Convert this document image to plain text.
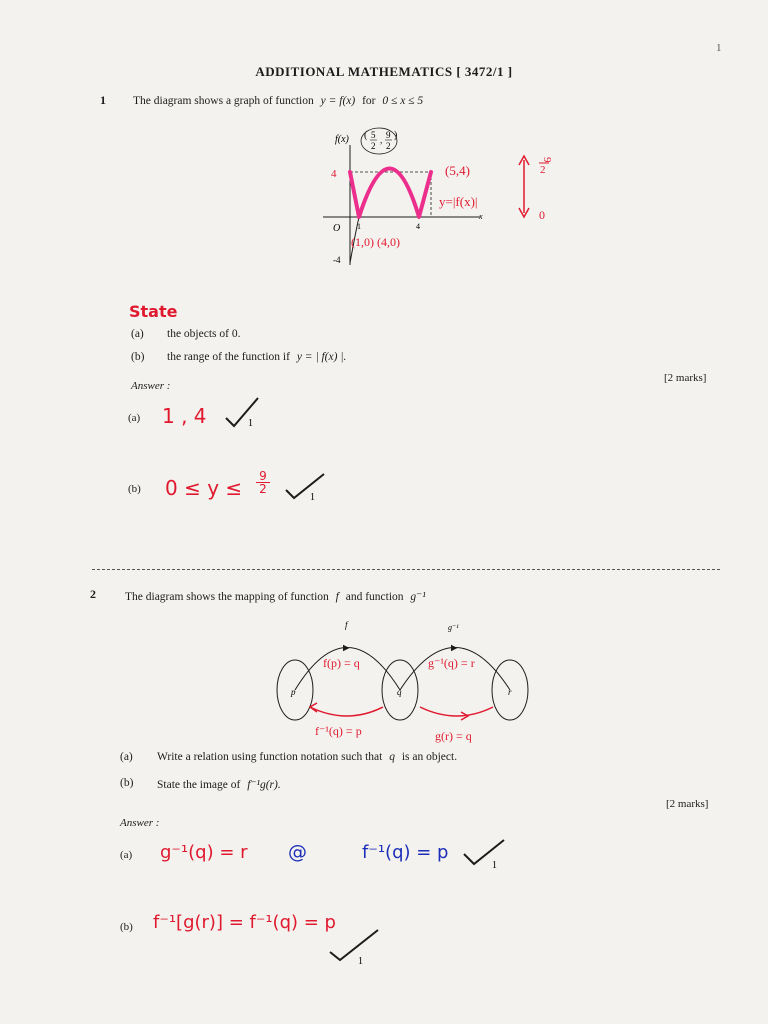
1
ADDITIONAL MATHEMATICS [ 3472/1 ]
1 The diagram shows a graph of function y = f(x) for 0 ≤ x ≤ 5
f(x)
O
x
4
-4
1	4
( 5
2
, 9
2
)
(5,4)
y=|f(x)|
(1,0) (4,0)
9
2
0
State
(a) the objects of 0.
(b) the range of the function if y = | f(x) |.
[2 marks]
Answer :
(a) 1 , 4	1
(b) $0 \le y \le \frac{9}{2}$
1
2	The diagram shows the mapping of function f and function g⁻¹
p	q	r
f	g⁻¹
f(p) = q	g⁻¹(q) = r
f⁻¹(q) = p	g(r) = q
(a) Write a relation using function notation such that q is an object.
(b) State the image of f⁻¹g(r).
[2 marks]
Answer :
(a) g⁻¹(q) = r @	f⁻¹(q) = p
1
(b) f⁻¹[g(r)] = f⁻¹(q) = p
1
